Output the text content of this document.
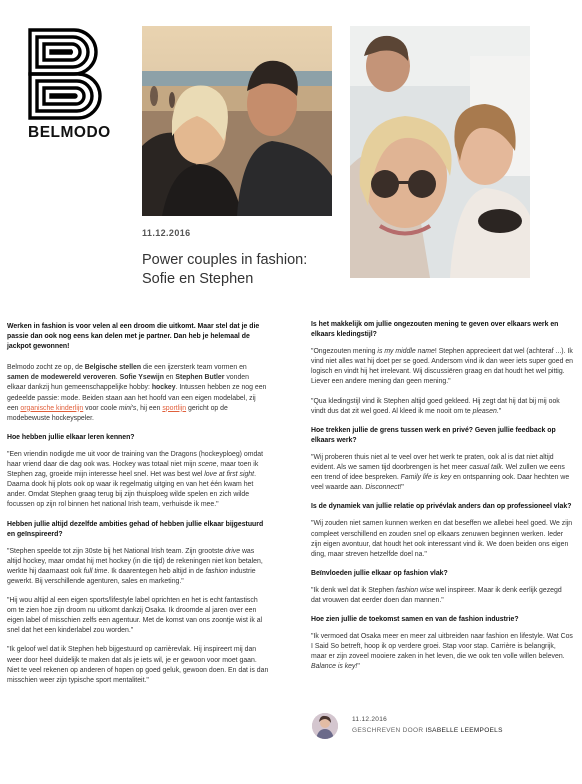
BELMODO
11.12.2016
Power couples in fashion:
Sofie en Stephen

Werken in fashion is voor velen al een droom die uitkomt. Maar stel dat je die passie dan ook nog eens kan delen met je partner. Dan heb je helemaal de jackpot gewonnen!

Belmodo zocht ze op, de Belgische stellen die een ijzersterk team vormen en samen de modewereld veroveren. Sofie Ysewijn en Stephen Butler vonden elkaar dankzij hun gemeenschappelijke hobby: hockey. Intussen hebben ze nog een gedeelde passie: mode. Beiden staan aan het hoofd van een eigen modelabel, zij een organische kinderlijn voor coole mini's, hij een sportlijn gericht op de modebewuste hockeyspeler.

Hoe hebben jullie elkaar leren kennen?

"Een vriendin nodigde me uit voor de training van the Dragons (hockeyploeg) omdat haar vriend daar die dag ook was. Hockey was totaal niet mijn scene, maar toen ik Stephen zag, groeide mijn interesse heel snel. Het was best wel love at first sight. Daarna dook hij plots ook op waar ik regelmatig uitging en van het één kwam het ander. Omdat Stephen graag terug bij zijn thuisploeg wilde spelen en zich wilde focussen op zijn rol binnen het national Irish team, verhuisde ik mee."

Hebben jullie altijd dezelfde ambities gehad of hebben jullie elkaar bijgestuurd en geïnspireerd?

"Stephen speelde tot zijn 30ste bij het National Irish team. Zijn grootste drive was altijd hockey, maar omdat hij met hockey (in die tijd) de rekeningen niet kon betalen, werkte hij daarnaast ook full time. Ik daarentegen heb altijd in de fashion industrie gewerkt. Bij verschillende agenturen, sales en marketing."

"Hij wou altijd al een eigen sports/lifestyle label oprichten en het is echt fantastisch om te zien hoe zijn droom nu uitkomt dankzij Osaka. Ik droomde al jaren over een eigen label of misschien zelfs een agentuur. Met de komst van ons zoontje wist ik al snel dat het een kinderlabel zou worden."

"Ik geloof wel dat ik Stephen heb bijgestuurd op carrièrevlak. Hij inspireert mij dan weer door heel duidelijk te maken dat als je iets wil, je er gewoon voor moet gaan. Niet te veel rekenen op anderen of hopen op goed geluk, gewoon doen. En dat is dan misschien weer zijn typische sport mentaliteit."

Is het makkelijk om jullie ongezouten mening te geven over elkaars werk en elkaars kledingstijl?

"Ongezouten mening is my middle name! Stephen apprecieert dat wel (achteraf ...). Ik vind niet alles wat hij doet per se goed. Andersom vind ik dan weer iets super goed en logisch en vindt hij het irrelevant. Wij discussiëren graag en dat houdt het wel pittig. Liever een andere mening dan geen mening."

"Qua kledingstijl vind ik Stephen altijd goed gekleed. Hij zegt dat hij dat bij mij ook vindt dus dat zit wel goed. Al kleed ik me nooit om te pleasen."

Hoe trekken jullie de grens tussen werk en privé? Geven jullie feedback op elkaars werk?

"Wij proberen thuis niet al te veel over het werk te praten, ook al is dat niet altijd evident. Als we samen tijd doorbrengen is het meer casual talk. Wel zullen we eens een trend of idee bespreken. Family life is key en ontspanning ook. Daar hechten we veel waarde aan. Disconnect!"

Is de dynamiek van jullie relatie op privévlak anders dan op professioneel vlak?

"Wij zouden niet samen kunnen werken en dat beseffen we allebei heel goed. We zijn compleet verschillend en zouden snel op elkaars zenuwen beginnen werken. Ieder zijn eigen avontuur, dat houdt het ook interessant vind ik. We doen beiden ons eigen ding, maar streven hetzelfde doel na."

Beïnvloeden jullie elkaar op fashion vlak?

"Ik denk wel dat ik Stephen fashion wise wel inspireer. Maar ik denk eerlijk gezegd dat vrouwen dat eerder doen dan mannen."

Hoe zien jullie de toekomst samen en van de fashion industrie?

"Ik vermoed dat Osaka meer en meer zal uitbreiden naar fashion en lifestyle. Wat Cos I Said So betreft, hoop ik op verdere groei. Stap voor stap. Carrière is belangrijk, maar er zijn zoveel mooiere zaken in het leven, die we ook ten volle willen beleven. Balance is key!"

11.12.2016
GESCHREVEN DOOR ISABELLE LEEMPOELS
